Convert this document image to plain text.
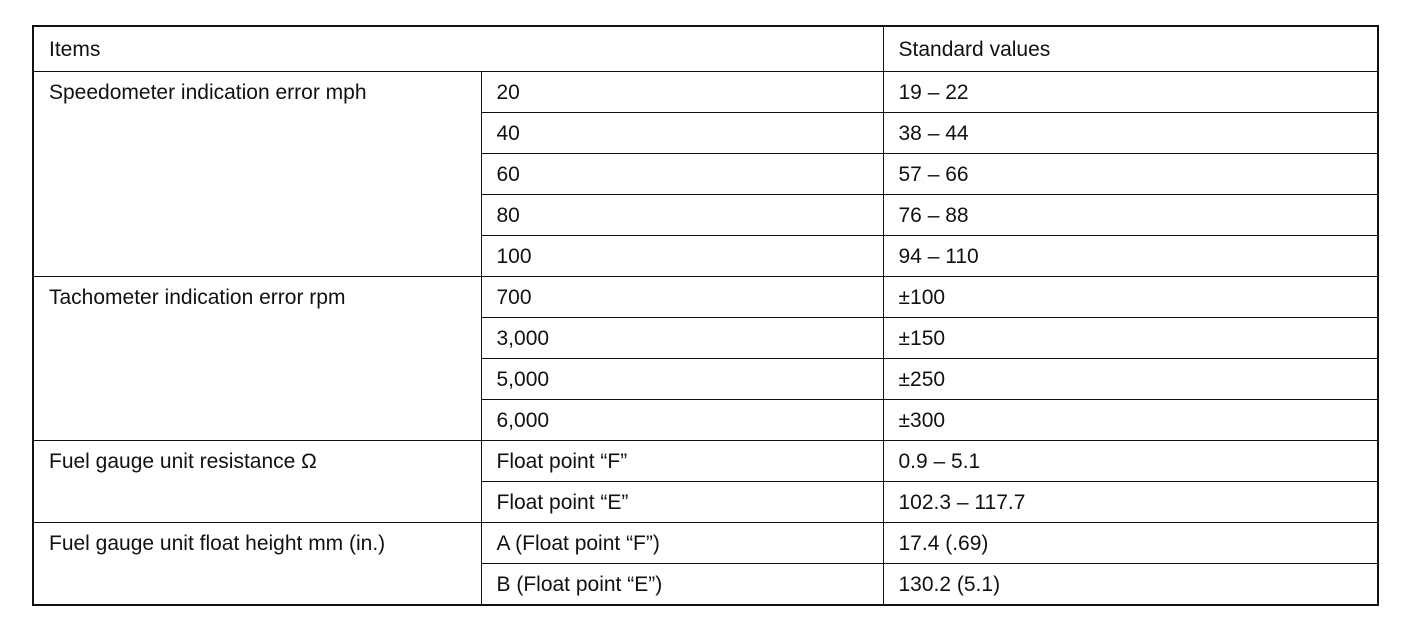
Items		Standard values
Speedometer indication error mph	20	19 – 22
	40	38 – 44
	60	57 – 66
	80	76 – 88
	100	94 – 110
Tachometer indication error rpm	700	±100
	3,000	±150
	5,000	±250
	6,000	±300
Fuel gauge unit resistance Ω	Float point “F”	0.9 – 5.1
	Float point “E”	102.3 – 117.7
Fuel gauge unit float height mm (in.)	A (Float point “F”)	17.4 (.69)
	B (Float point “E”)	130.2 (5.1)
